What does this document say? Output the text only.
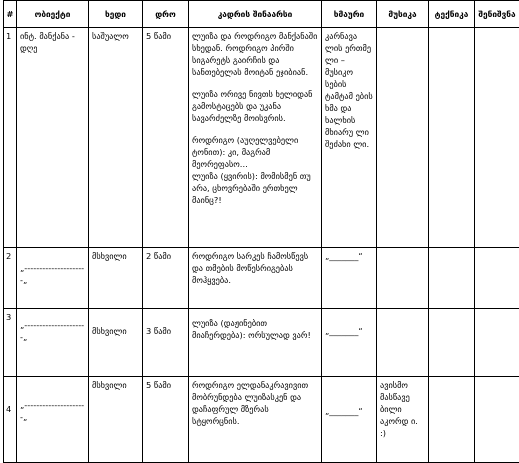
#	ობიექტი	ხედი	დრო	კადრის შინაარსი	ხმაური	მუსიკა	ტექნიკა	შენიშვნა
1	ინტ. მანქანა - დღე	საშუალო	5 წამი	ლუიზა და როდრიგო მანქანაში სხედან. როდრიგო პირში სიგარეტს გაირჩის და სანთებელას მოიტან ეჯიბიან.
ლუიზა ორივე ნივთს ხელიდან გამოსტაცებს და უკანა სავარძელზე მოისვრის.
როდრიგო (აუღელვებელი ტონით): კი, მაგრამ მეორეფასო...
ლუიზა (ყვირის): მომისმენ თუ არა, ცხოვრებაში ერთხელ მაინც?!	კარნავა ლის ერთმე ლი – მუსიკო სების ტამტამ ების ხმა და ხალხის მხიარუ ლი შეძახი ლი.			
2	„---------------------„	მსხვილი	2 წამი	როდრიგო სარკეს ჩამოსწევს და თმების მოწესრიგებას მოჰყვება.	„_______“			
3	„---------------------„	მსხვილი	3 წამი	ლუიზა (დაჟინებით მიაჩერდება): ორსულად ვარ!	„_______“			
4	„---------------------„	მსხვილი	5 წამი	როდრიგო ელდანაკრავივით მობრუნდება ლუიზასკენ და დაჩაფრულ მზერას სტყორცნის.	„_______“	ავისმო მასწავე ბილი აკორდ ი. :)		
